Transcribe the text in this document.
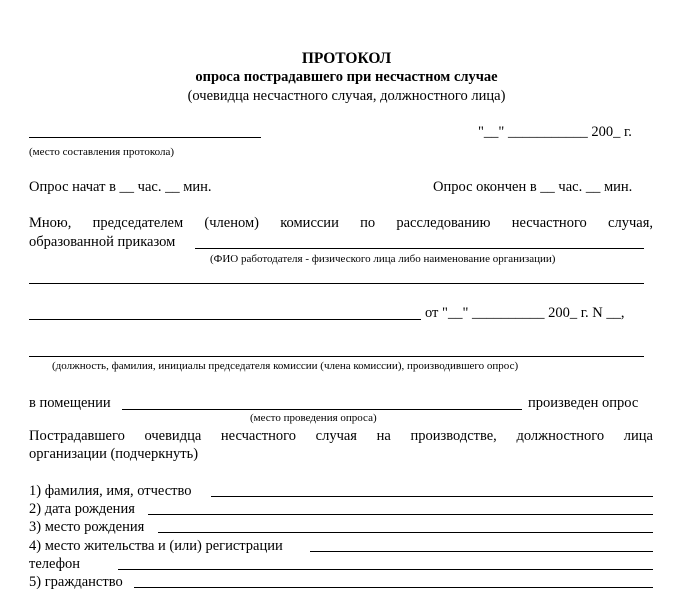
ПРОТОКОЛ
опроса пострадавшего при несчастном случае
(очевидца несчастного случая, должностного лица)
"__" ___________ 200_ г.
(место составления протокола)
Опрос начат в __ час. __ мин.	Опрос окончен в __ час. __ мин.
Мною, председателем (членом) комиссии по расследованию несчастного случая,
образованной приказом
(ФИО работодателя - физического лица либо наименование организации)
от "__" __________ 200_ г. N __,
(должность, фамилия, инициалы председателя комиссии (члена комиссии), производившего опрос)
в помещении	произведен опрос
(место проведения опроса)
Пострадавшего очевидца несчастного случая на производстве, должностного лица
организации (подчеркнуть)
1) фамилия, имя, отчество
2) дата рождения
3) место рождения
4) место жительства и (или) регистрации
телефон
5) гражданство
